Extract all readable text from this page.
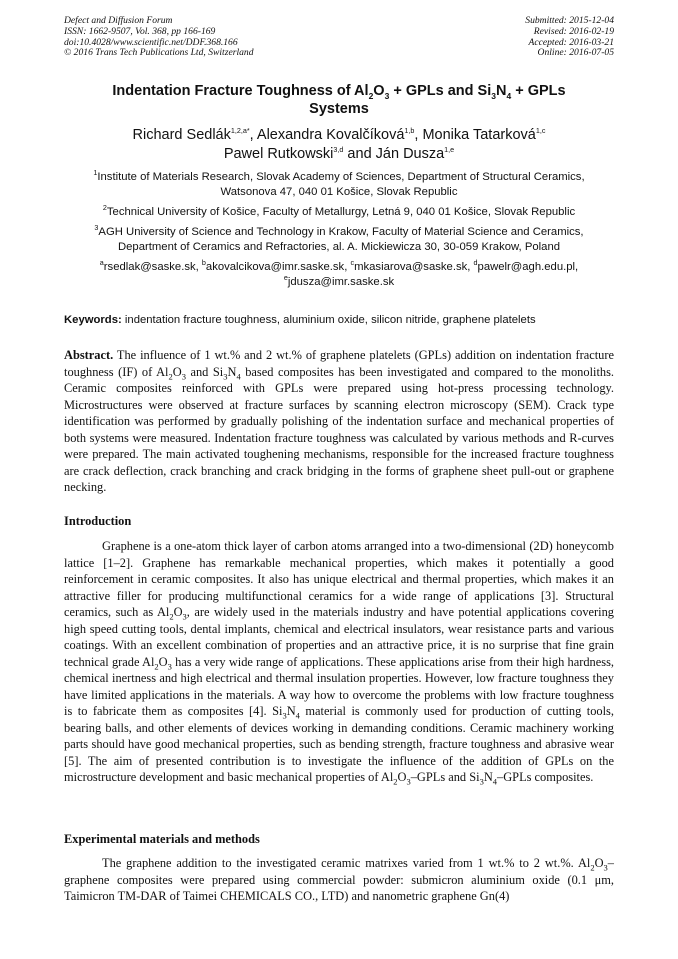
Defect and Diffusion Forum
ISSN: 1662-9507, Vol. 368, pp 166-169
doi:10.4028/www.scientific.net/DDF.368.166
© 2016 Trans Tech Publications Ltd, Switzerland
Submitted: 2015-12-04
Revised: 2016-02-19
Accepted: 2016-03-21
Online: 2016-07-05
Indentation Fracture Toughness of $Al_2O_3$ + GPLs and $Si_3N_4$ + GPLs
Systems
Richard Sedlák$^{1,2,a*}$, Alexandra Kovalčíková$^{1,b}$, Monika Tatarková$^{1,c}$
Pawel Rutkowski$^{3,d}$ and Ján Dusza$^{1,e}$
$^1$Institute of Materials Research, Slovak Academy of Sciences, Department of Structural Ceramics,
Watsonova 47, 040 01 Košice, Slovak Republic
$^2$Technical University of Košice, Faculty of Metallurgy, Letná 9, 040 01 Košice, Slovak Republic
$^3$AGH University of Science and Technology in Krakow, Faculty of Material Science and Ceramics,
Department of Ceramics and Refractories, al. A. Mickiewicza 30, 30-059 Krakow, Poland
$^a$rsedlak@saske.sk, $^b$akovalcikova@imr.saske.sk, $^c$mkasiarova@saske.sk, $^d$pawelr@agh.edu.pl,
$^e$jdusza@imr.saske.sk
Keywords: indentation fracture toughness, aluminium oxide, silicon nitride, graphene platelets
Abstract. The influence of 1 wt.% and 2 wt.% of graphene platelets (GPLs) addition on indentation fracture toughness (IF) of $Al_2O_3$ and $Si_3N_4$ based composites has been investigated and compared to the monoliths. Ceramic composites reinforced with GPLs were prepared using hot-press processing technology. Microstructures were observed at fracture surfaces by scanning electron microscopy (SEM). Crack type identification was performed by gradually polishing of the indentation surface and mechanical properties of both systems were measured. Indentation fracture toughness was calculated by various methods and R-curves were prepared. The main activated toughening mechanisms, responsible for the increased fracture toughness are crack deflection, crack branching and crack bridging in the forms of graphene sheet pull-out or graphene necking.
Introduction
Graphene is a one-atom thick layer of carbon atoms arranged into a two-dimensional (2D) honeycomb lattice [1–2]. Graphene has remarkable mechanical properties, which makes it potentially a good reinforcement in ceramic composites. It also has unique electrical and thermal properties, which makes it an attractive filler for producing multifunctional ceramics for a wide range of applications [3]. Structural ceramics, such as $Al_2O_3$, are widely used in the materials industry and have potential applications covering high speed cutting tools, dental implants, chemical and electrical insulators, wear resistance parts and various coatings. With an excellent combination of properties and an attractive price, it is no surprise that fine grain technical grade $Al_2O_3$ has a very wide range of applications. These applications arise from their high hardness, chemical inertness and high electrical and thermal insulation properties. However, low fracture toughness they have limited applications in the materials. A way how to overcome the problems with low fracture toughness is to fabricate them as composites [4]. $Si_3N_4$ material is commonly used for production of cutting tools, bearing balls, and other elements of devices working in demanding conditions. Ceramic machinery working parts should have good mechanical properties, such as bending strength, fracture toughness and abrasive wear [5]. The aim of presented contribution is to investigate the influence of the addition of GPLs on the microstructure development and basic mechanical properties of $Al_2O_3$–GPLs and $Si_3N_4$–GPLs composites.
Experimental materials and methods
The graphene addition to the investigated ceramic matrixes varied from 1 wt.% to 2 wt.%. $Al_2O_3$–graphene composites were prepared using commercial powder: submicron aluminium oxide (0.1 μm, Taimicron TM-DAR of Taimei CHEMICALS CO., LTD) and nanometric graphene Gn(4)
